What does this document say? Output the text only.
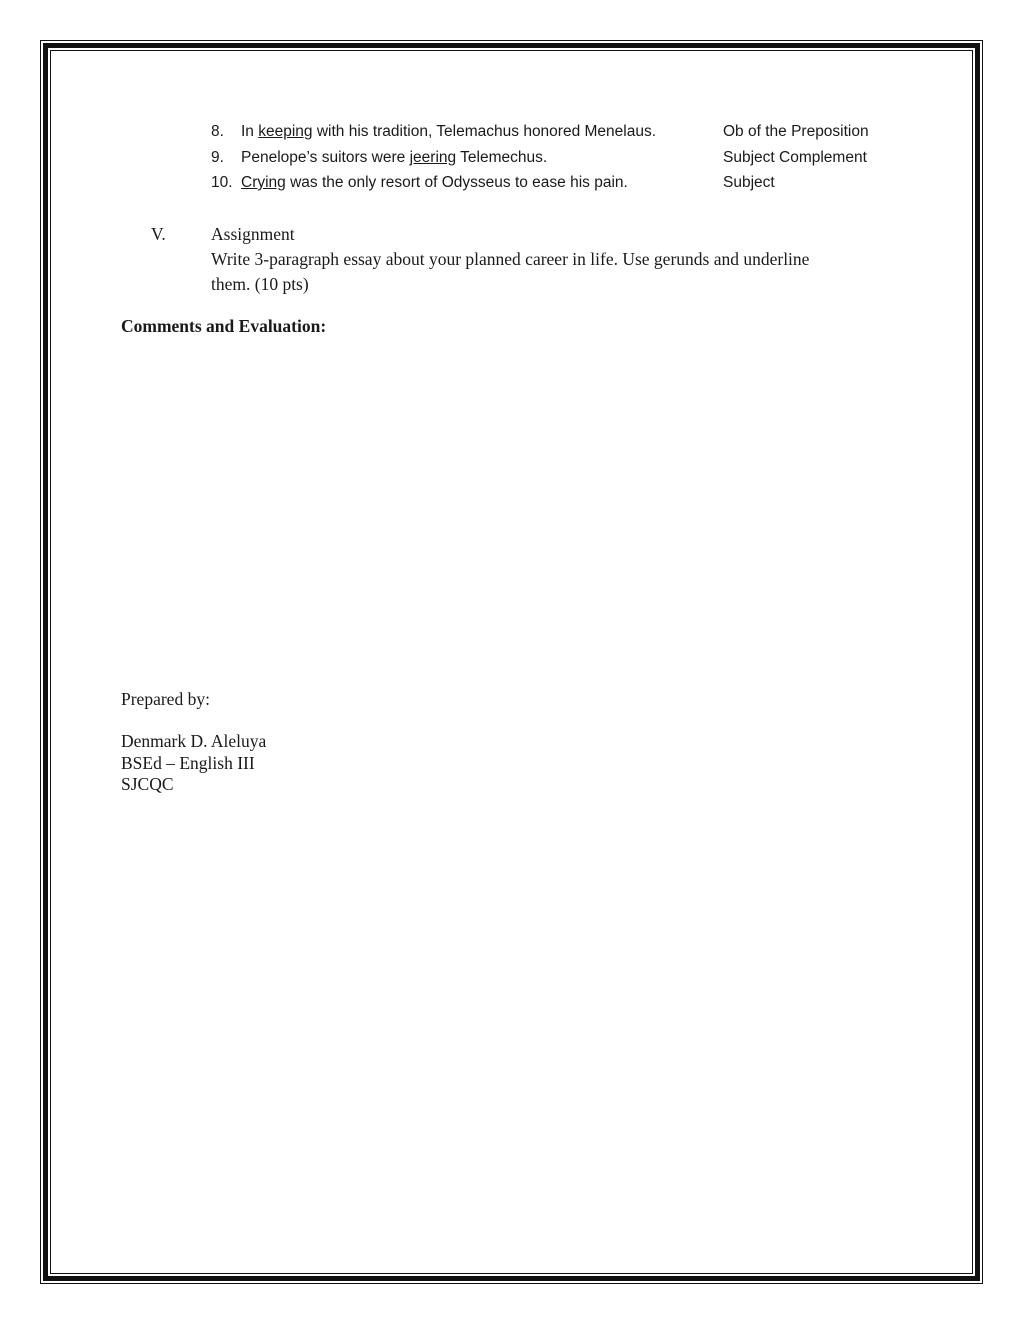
8. In keeping with his tradition, Telemachus honored Menelaus.	Ob of the Preposition
9. Penelope’s suitors were jeering Telemechus.	Subject Complement
10. Crying was the only resort of Odysseus to ease his pain.	Subject
V.	Assignment
Write 3-paragraph essay about your planned career in life. Use gerunds and underline
them. (10 pts)
Comments and Evaluation:
Prepared by:
Denmark D. Aleluya
BSEd – English III
SJCQC
